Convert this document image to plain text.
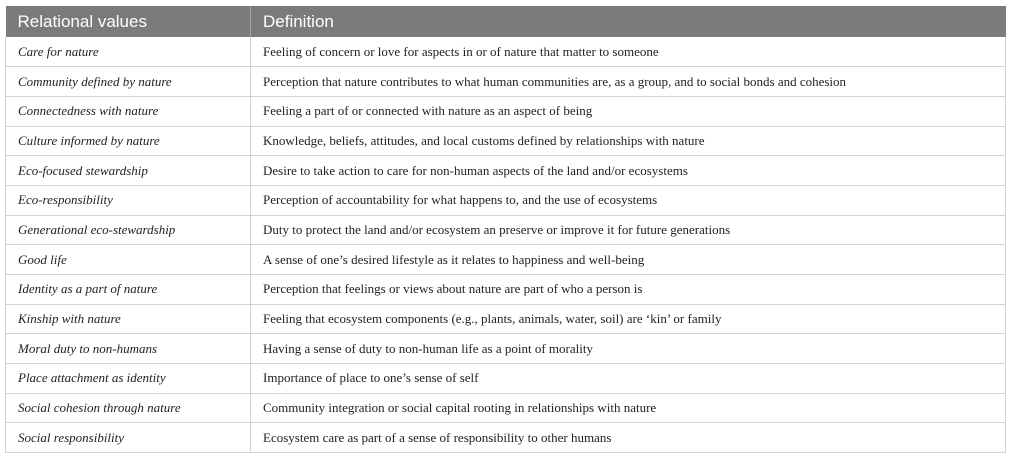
Relational values	Definition
Care for nature	Feeling of concern or love for aspects in or of nature that matter to someone
Community defined by nature	Perception that nature contributes to what human communities are, as a group, and to social bonds and cohesion
Connectedness with nature	Feeling a part of or connected with nature as an aspect of being
Culture informed by nature	Knowledge, beliefs, attitudes, and local customs defined by relationships with nature
Eco-focused stewardship	Desire to take action to care for non-human aspects of the land and/or ecosystems
Eco-responsibility	Perception of accountability for what happens to, and the use of ecosystems
Generational eco-stewardship	Duty to protect the land and/or ecosystem an preserve or improve it for future generations
Good life	A sense of one’s desired lifestyle as it relates to happiness and well-being
Identity as a part of nature	Perception that feelings or views about nature are part of who a person is
Kinship with nature	Feeling that ecosystem components (e.g., plants, animals, water, soil) are ‘kin’ or family
Moral duty to non-humans	Having a sense of duty to non-human life as a point of morality
Place attachment as identity	Importance of place to one’s sense of self
Social cohesion through nature	Community integration or social capital rooting in relationships with nature
Social responsibility	Ecosystem care as part of a sense of responsibility to other humans
